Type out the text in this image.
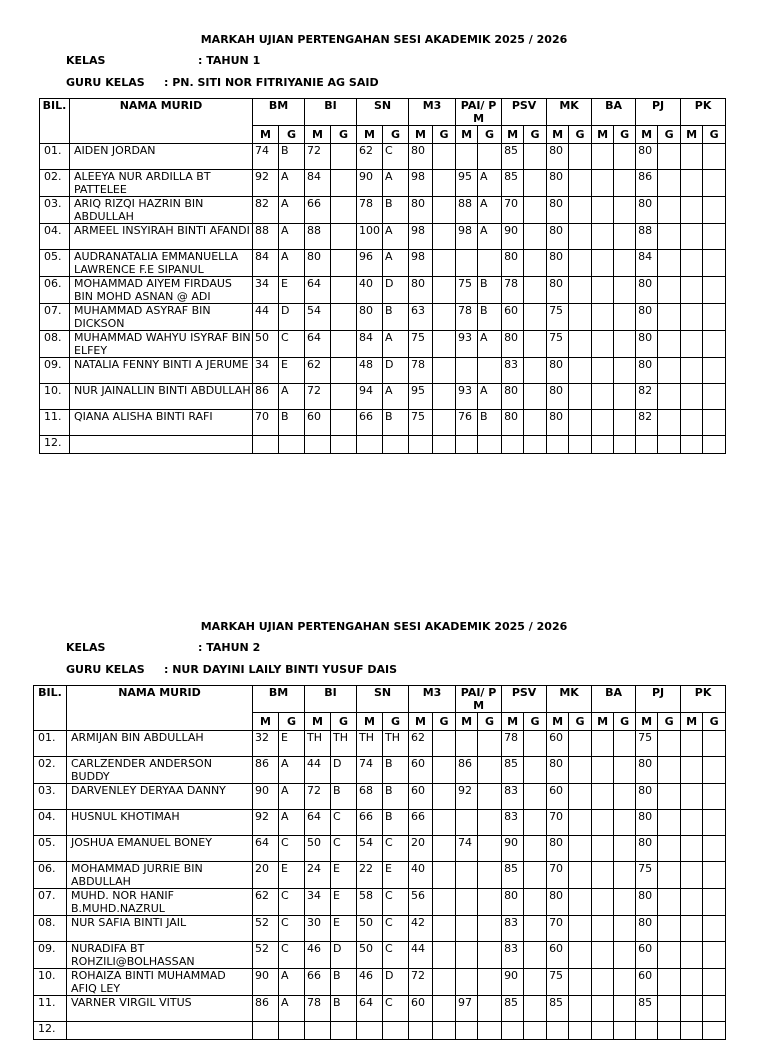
MARKAH UJIAN PERTENGAHAN SESI AKADEMIK 2025 / 2026
KELAS	: TAHUN 1
GURU KELAS : PN. SITI NOR FITRIYANIE AG SAID
BIL.	NAMA MURID	BM		BI		SN		M3		PAI/ PM		PSV		MK		BA		PJ		PK	
		M	G	M	G	M	G	M	G	M	G	M	G	M	G	M	G	M	G	M	G
01.	AIDEN JORDAN	74	B	72		62	C	80				85		80				80			
02.	ALEEYA NUR ARDILLA BT PATTELEE	92	A	84		90	A	98		95	A	85		80				86			
03.	ARIQ RIZQI HAZRIN BIN ABDULLAH	82	A	66		78	B	80		88	A	70		80				80			
04.	ARMEEL INSYIRAH BINTI AFANDI	88	A	88		100	A	98		98	A	90		80				88			
05.	AUDRANATALIA EMMANUELLA LAWRENCE F.E SIPANUL	84	A	80		96	A	98				80		80				84			
06.	MOHAMMAD AIYEM FIRDAUS BIN MOHD ASNAN @ ADI	34	E	64		40	D	80		75	B	78		80				80			
07.	MUHAMMAD ASYRAF BIN DICKSON	44	D	54		80	B	63		78	B	60		75				80			
08.	MUHAMMAD WAHYU ISYRAF BIN ELFEY	50	C	64		84	A	75		93	A	80		75				80			
09.	NATALIA FENNY BINTI A JERUME	34	E	62		48	D	78				83		80				80			
10.	NUR JAINALLIN BINTI ABDULLAH	86	A	72		94	A	95		93	A	80		80				82			
11.	QIANA ALISHA BINTI RAFI	70	B	60		66	B	75		76	B	80		80				82			
12.																					
MARKAH UJIAN PERTENGAHAN SESI AKADEMIK 2025 / 2026
KELAS	: TAHUN 2
GURU KELAS : NUR DAYINI LAILY BINTI YUSUF DAIS
BIL.	NAMA MURID	BM		BI		SN		M3		PAI/ PM		PSV		MK		BA		PJ		PK	
		M	G	M	G	M	G	M	G	M	G	M	G	M	G	M	G	M	G	M	G
01.	ARMIJAN BIN ABDULLAH	32	E	TH	TH	TH	TH	62				78		60				75			
02.	CARLZENDER ANDERSON BUDDY	86	A	44	D	74	B	60		86		85		80				80			
03.	DARVENLEY DERYAA DANNY	90	A	72	B	68	B	60		92		83		60				80			
04.	HUSNUL KHOTIMAH	92	A	64	C	66	B	66				83		70				80			
05.	JOSHUA EMANUEL BONEY	64	C	50	C	54	C	20		74		90		80				80			
06.	MOHAMMAD JURRIE BIN ABDULLAH	20	E	24	E	22	E	40				85		70				75			
07.	MUHD. NOR HANIF B.MUHD.NAZRUL	62	C	34	E	58	C	56				80		80				80			
08.	NUR SAFIA BINTI JAIL	52	C	30	E	50	C	42				83		70				80			
09.	NURADIFA BT ROHZILI@BOLHASSAN	52	C	46	D	50	C	44				83		60				60			
10.	ROHAIZA BINTI MUHAMMAD AFIQ LEY	90	A	66	B	46	D	72				90		75				60			
11.	VARNER VIRGIL VITUS	86	A	78	B	64	C	60		97		85		85				85			
12.																					
